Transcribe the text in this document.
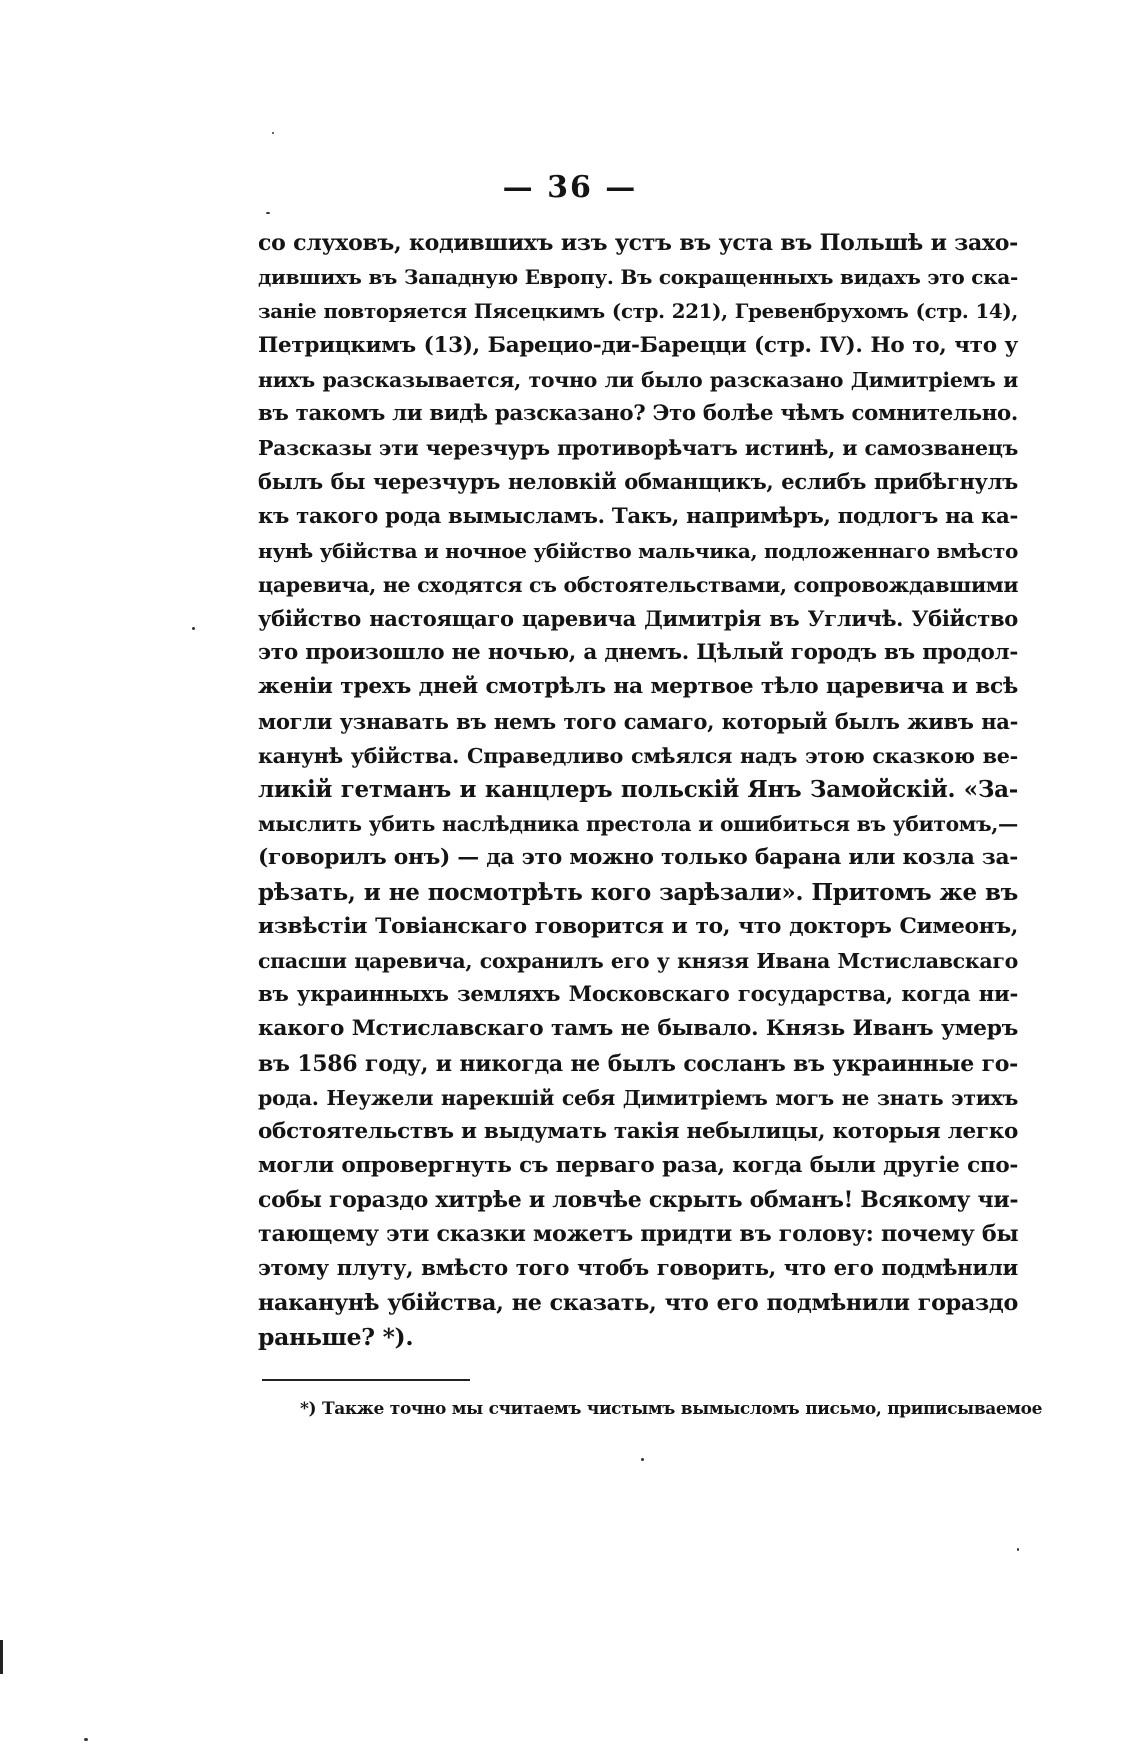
— 36 —
со слуховъ, кодившихъ изъ устъ въ уста въ Польшѣ и захо-
дившихъ въ Западную Европу. Въ сокращенныхъ видахъ это ска-
заніе повторяется Пясецкимъ (стр. 221), Гревенбрухомъ (стр. 14),
Петрицкимъ (13), Барецио-ди-Барецци (стр. IV). Но то, что у
нихъ разсказывается, точно ли было разсказано Димитріемъ и
въ такомъ ли видѣ разсказано? Это болѣе чѣмъ сомнительно.
Разсказы эти черезчуръ противорѣчатъ истинѣ, и самозванецъ
былъ бы черезчуръ неловкій обманщикъ, еслибъ прибѣгнулъ
къ такого рода вымысламъ. Такъ, напримѣръ, подлогъ на ка-
нунѣ убійства и ночное убійство мальчика, подложеннаго вмѣсто
царевича, не сходятся съ обстоятельствами, сопровождавшими
убійство настоящаго царевича Димитрія въ Угличѣ. Убійство
это произошло не ночью, а днемъ. Цѣлый городъ въ продол-
женіи трехъ дней смотрѣлъ на мертвое тѣло царевича и всѣ
могли узнавать въ немъ того самаго, который былъ живъ на-
канунѣ убійства. Справедливо смѣялся надъ этою сказкою ве-
ликій гетманъ и канцлеръ польскій Янъ Замойскій. «За-
мыслить убить наслѣдника престола и ошибиться въ убитомъ,—
(говорилъ онъ) — да это можно только барана или козла за-
рѣзать, и не посмотрѣть кого зарѣзали». Притомъ же въ
извѣстіи Товіанскаго говорится и то, что докторъ Симеонъ,
спасши царевича, сохранилъ его у князя Ивана Мстиславскаго
въ украинныхъ земляхъ Московскаго государства, когда ни-
какого Мстиславскаго тамъ не бывало. Князь Иванъ умеръ
въ 1586 году, и никогда не былъ сосланъ въ украинные го-
рода. Неужели нарекшій себя Димитріемъ могъ не знать этихъ
обстоятельствъ и выдумать такія небылицы, которыя легко
могли опровергнуть съ перваго раза, когда были другіе спо-
собы гораздо хитрѣе и ловчѣе скрыть обманъ! Всякому чи-
тающему эти сказки можетъ придти въ голову: почему бы
этому плуту, вмѣсто того чтобъ говорить, что его подмѣнили
наканунѣ убійства, не сказать, что его подмѣнили гораздо
раньше? *).
*) Также точно мы считаемъ чистымъ вымысломъ письмо, приписываемое
